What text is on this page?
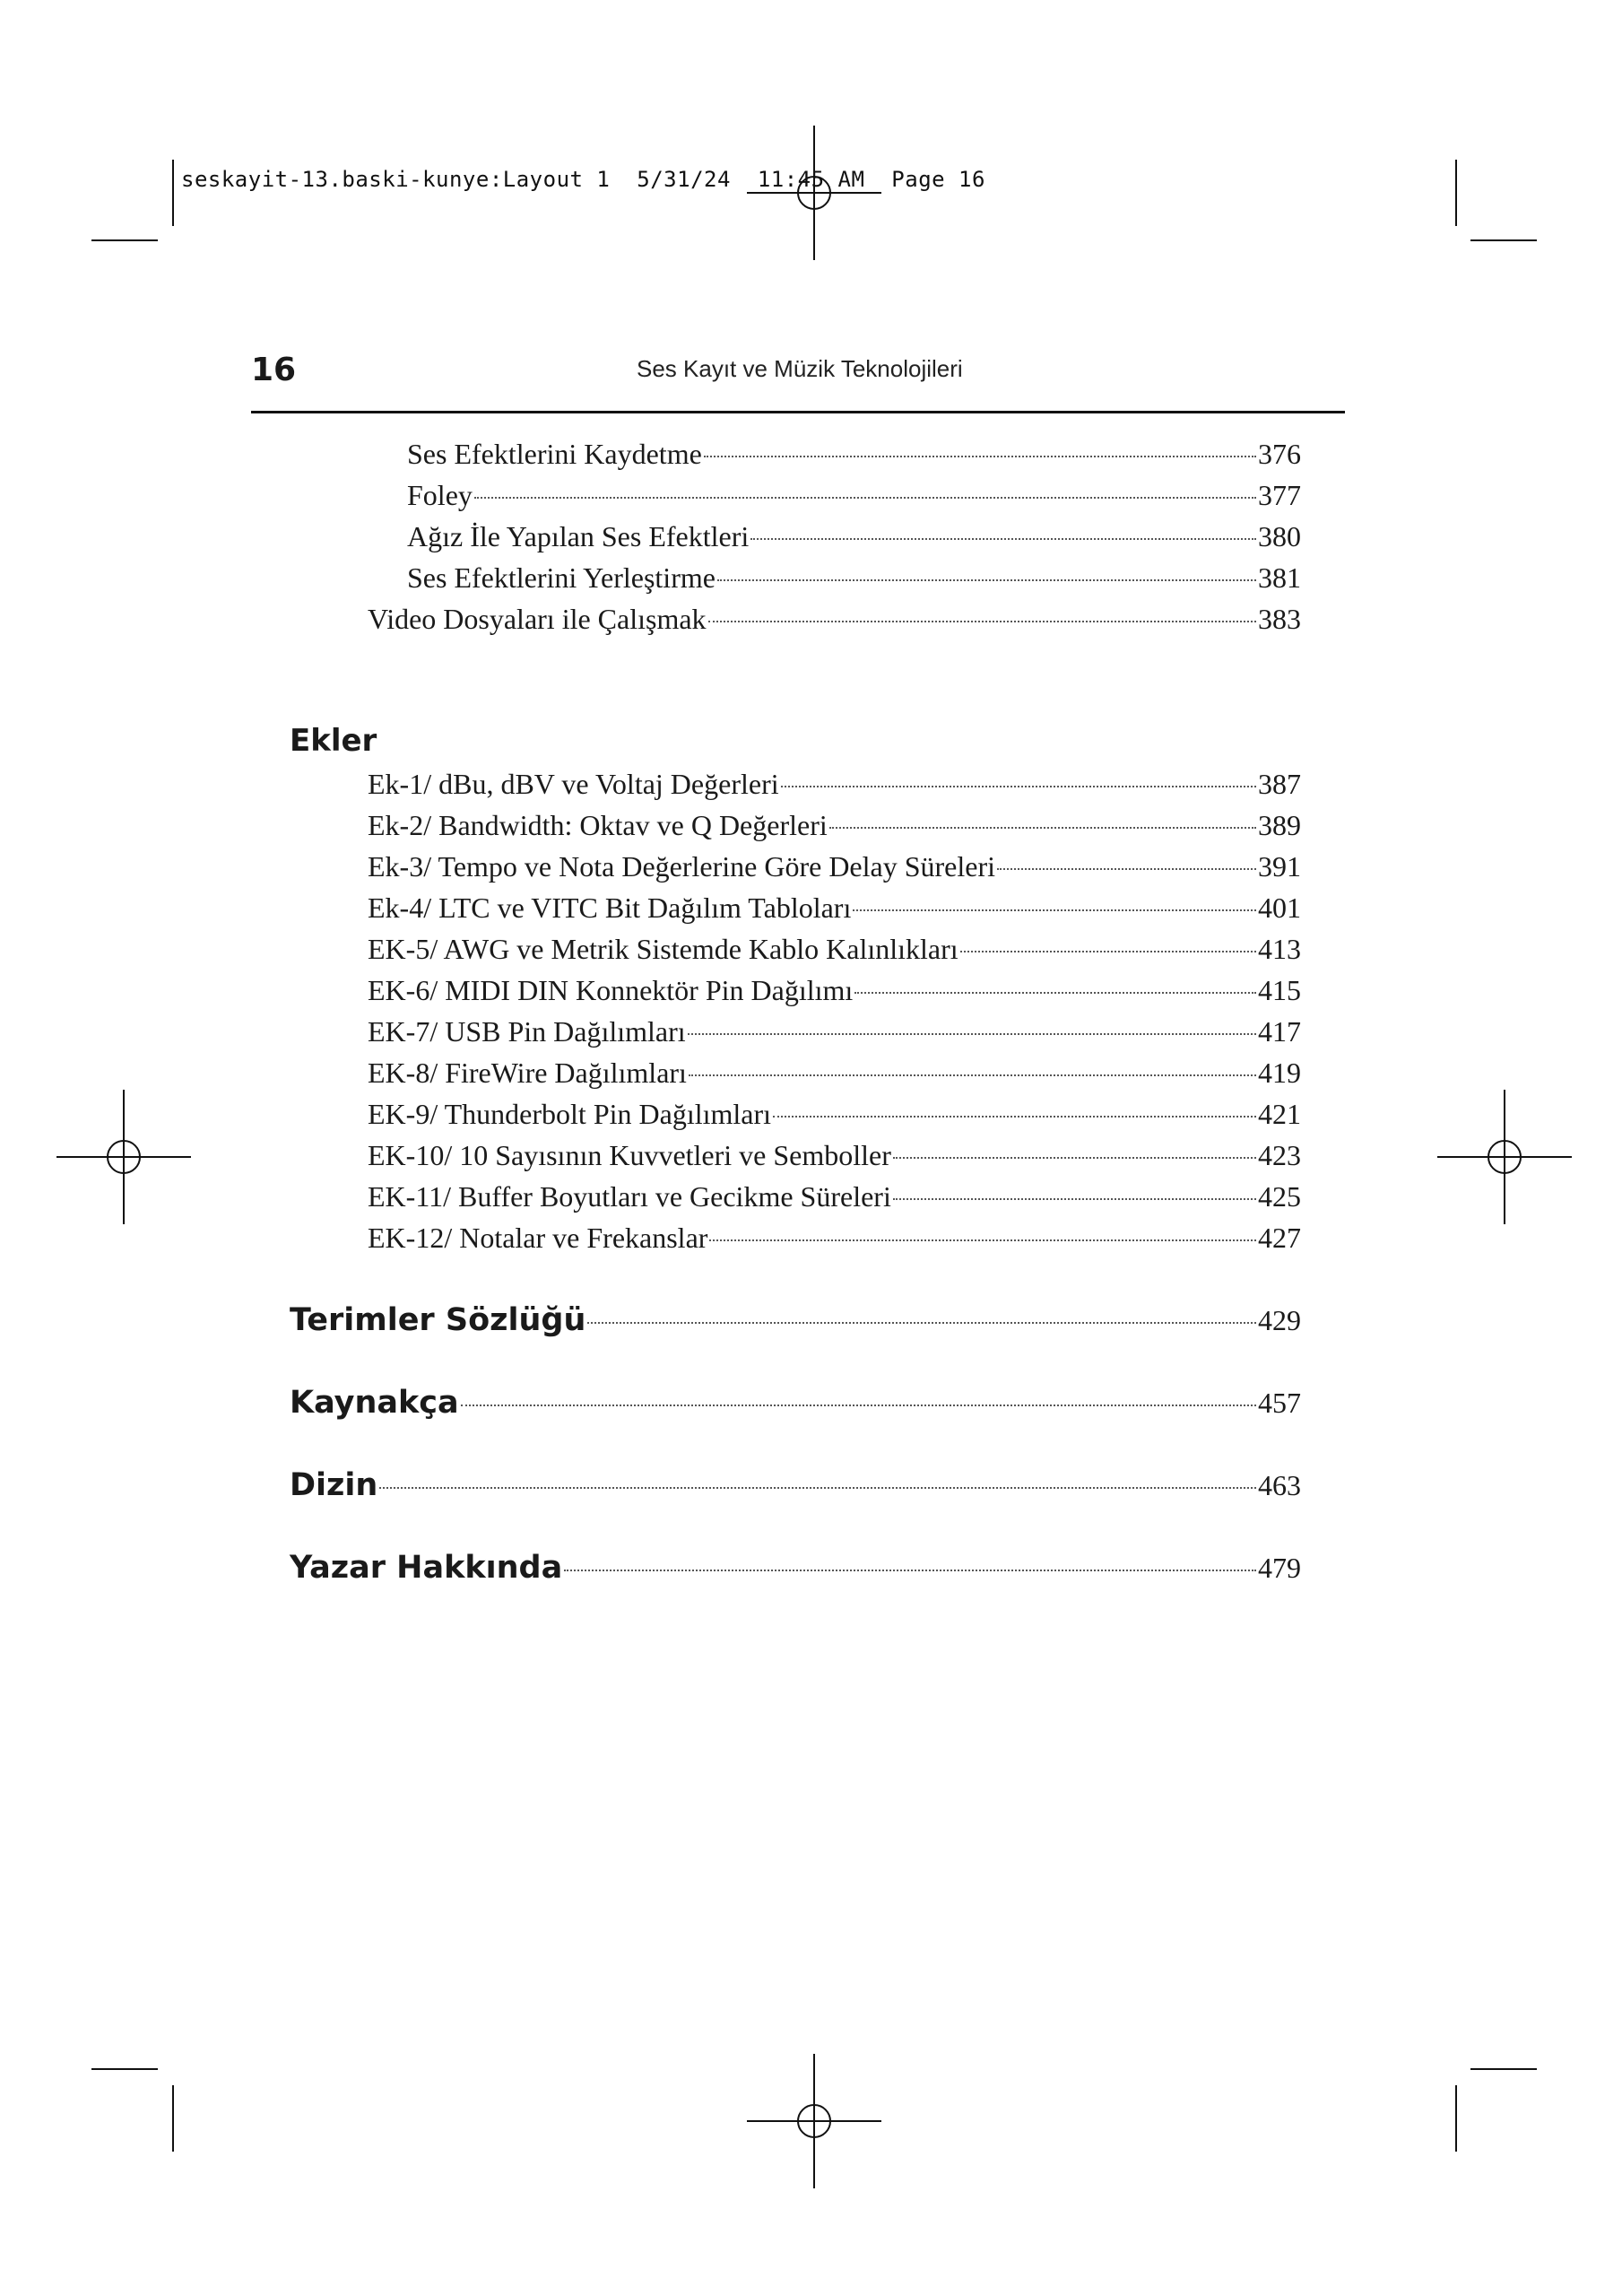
seskayit-13.baski-kunye:Layout 1  5/31/24  11:45 AM  Page 16
16	Ses Kayıt ve Müzik Teknolojileri
Ses Efektlerini Kaydetme	376
Foley	377
Ağız İle Yapılan Ses Efektleri	380
Ses Efektlerini Yerleştirme	381
Video Dosyaları ile Çalışmak	383
Ekler
Ek-1/ dBu, dBV ve Voltaj Değerleri	387
Ek-2/ Bandwidth: Oktav ve Q Değerleri	389
Ek-3/ Tempo ve Nota Değerlerine Göre Delay Süreleri	391
Ek-4/ LTC ve VITC Bit Dağılım Tabloları	401
EK-5/ AWG ve Metrik Sistemde Kablo Kalınlıkları	413
EK-6/ MIDI DIN Konnektör Pin Dağılımı	415
EK-7/ USB Pin Dağılımları	417
EK-8/ FireWire Dağılımları	419
EK-9/ Thunderbolt Pin Dağılımları	421
EK-10/ 10 Sayısının Kuvvetleri ve Semboller	423
EK-11/ Buffer Boyutları ve Gecikme Süreleri	425
EK-12/ Notalar ve Frekanslar	427
Terimler Sözlüğü	429
Kaynakça	457
Dizin	463
Yazar Hakkında	479
